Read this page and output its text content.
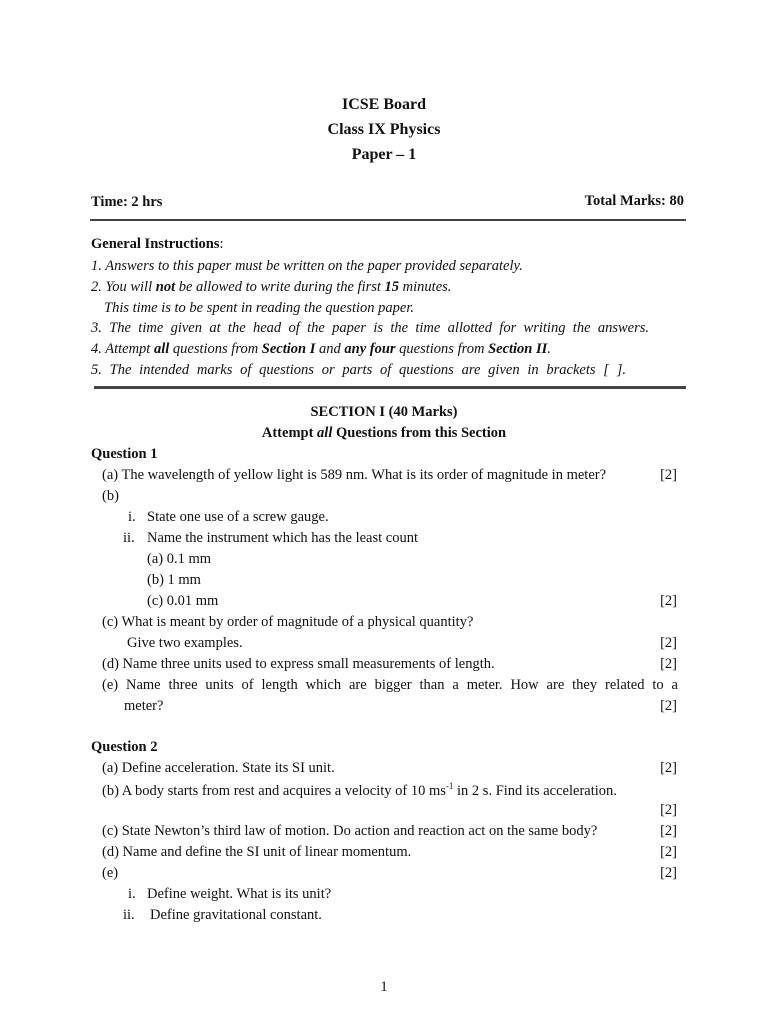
ICSE Board
Class IX Physics
Paper – 1
Time: 2 hrs	Total Marks: 80
General Instructions:
1. Answers to this paper must be written on the paper provided separately.
2. You will not be allowed to write during the first 15 minutes.
This time is to be spent in reading the question paper.
3. The time given at the head of the paper is the time allotted for writing the answers.
4. Attempt all questions from Section I and any four questions from Section II.
5. The intended marks of questions or parts of questions are given in brackets [ ].
SECTION I (40 Marks)
Attempt all Questions from this Section
Question 1
(a) The wavelength of yellow light is 589 nm. What is its order of magnitude in meter?	[2]
(b)
i. State one use of a screw gauge.
ii. Name the instrument which has the least count
(a) 0.1 mm
(b) 1 mm
(c) 0.01 mm	[2]
(c) What is meant by order of magnitude of a physical quantity?
Give two examples.	[2]
(d) Name three units used to express small measurements of length.	[2]
(e) Name three units of length which are bigger than a meter. How are they related to a
meter?	[2]
Question 2
(a) Define acceleration. State its SI unit.	[2]
(b) A body starts from rest and acquires a velocity of 10 $ms^{-1}$ in 2 s. Find its acceleration.
[2]
(c) State Newton’s third law of motion. Do action and reaction act on the same body?	[2]
(d) Name and define the SI unit of linear momentum.	[2]
(e)	[2]
i. Define weight. What is its unit?
ii. Define gravitational constant.
1
